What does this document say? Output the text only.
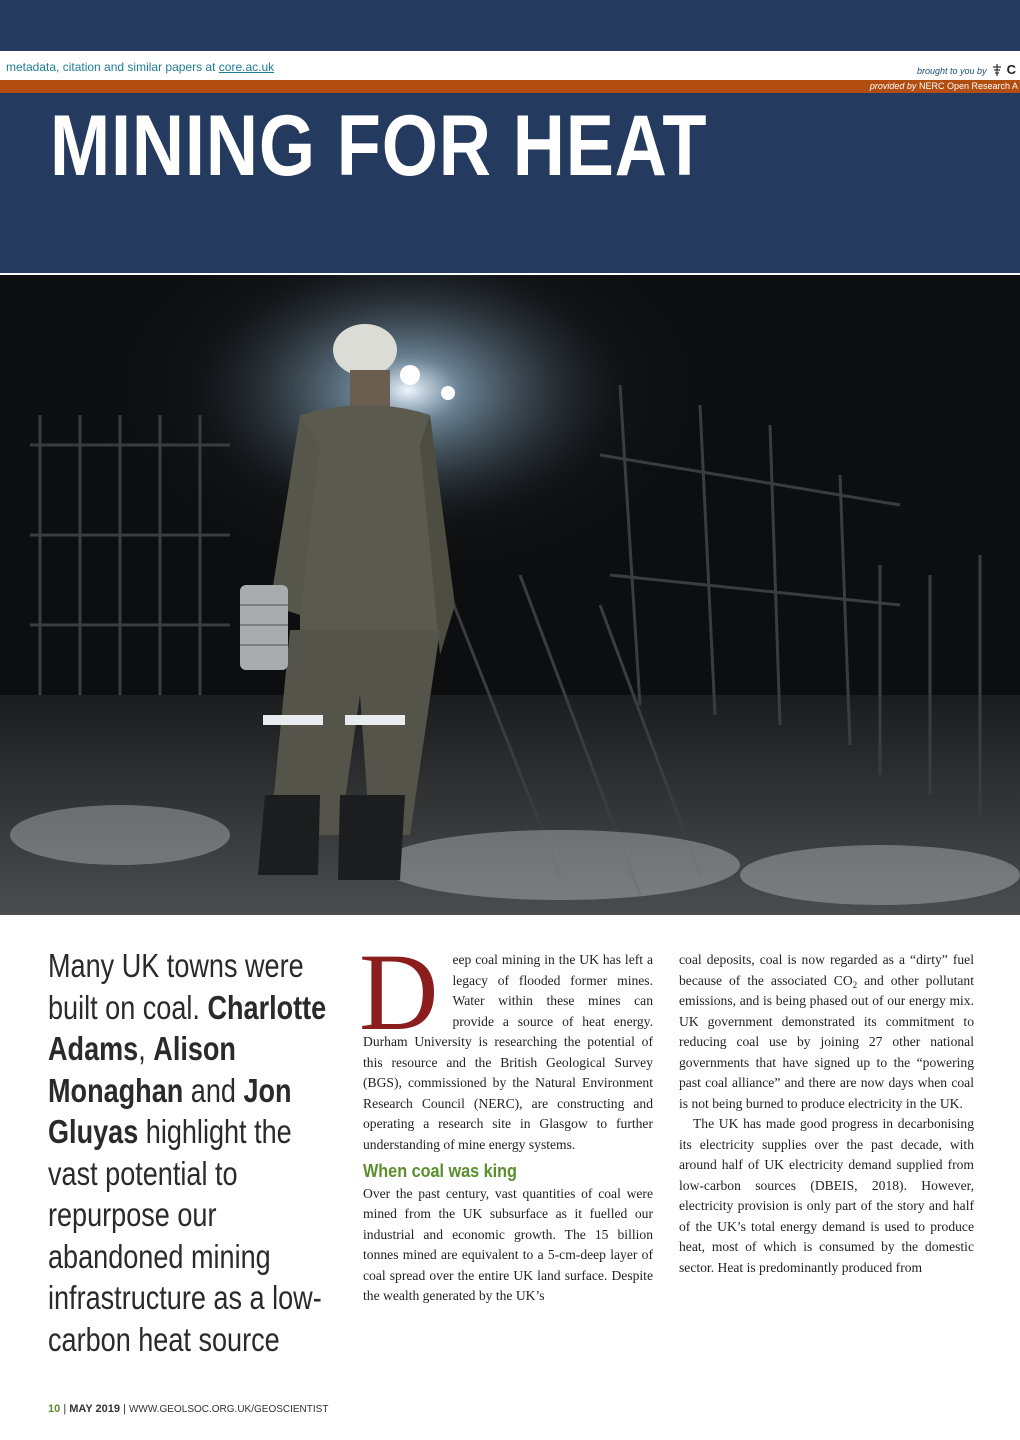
metadata, citation and similar papers at core.ac.uk	brought to you by C
provided by NERC Open Research A
MINING FOR HEAT
Many UK towns were built on coal. Charlotte Adams, Alison Monaghan and Jon Gluyas highlight the vast potential to repurpose our abandoned mining infrastructure as a low-carbon heat source
D	eep coal mining in the UK has left a legacy of flooded former mines. Water within these mines can provide a source of heat energy. Durham University is researching the potential of this resource and the British Geological Survey (BGS), commissioned by the Natural Environment Research Council (NERC), are constructing and operating a research site in Glasgow to further understanding of mine energy systems.

When coal was king

Over the past century, vast quantities of coal were mined from the UK subsurface as it fuelled our industrial and economic growth. The 15 billion tonnes mined are equivalent to a 5-cm-deep layer of coal spread over the entire UK land surface. Despite the wealth generated by the UK’s

coal deposits, coal is now regarded as a “dirty” fuel because of the associated $CO_2$ and other pollutant emissions, and is being phased out of our energy mix. UK government demonstrated its commitment to reducing coal use by joining 27 other national governments that have signed up to the “powering past coal alliance” and there are now days when coal is not being burned to produce electricity in the UK.

The UK has made good progress in decarbonising its electricity supplies over the past decade, with around half of UK electricity demand supplied from low-carbon sources (DBEIS, 2018). However, electricity provision is only part of the story and half of the UK’s total energy demand is used to produce heat, most of which is consumed by the domestic sector. Heat is predominantly produced from

10 | MAY 2019 | WWW.GEOLSOC.ORG.UK/GEOSCIENTIST
